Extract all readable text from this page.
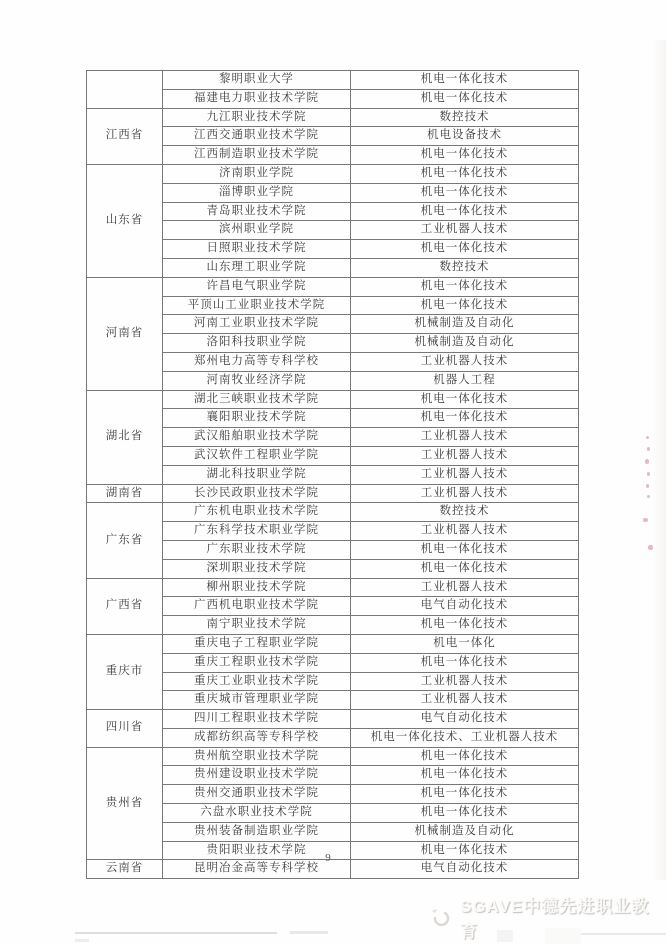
	黎明职业大学	机电一体化技术
	福建电力职业技术学院	机电一体化技术
江西省	九江职业技术学院	数控技术
	江西交通职业技术学院	机电设备技术
	江西制造职业技术学院	机电一体化技术
山东省	济南职业学院	机电一体化技术
	淄博职业学院	机电一体化技术
	青岛职业技术学院	机电一体化技术
	滨州职业学院	工业机器人技术
	日照职业技术学院	机电一体化技术
	山东理工职业学院	数控技术
河南省	许昌电气职业学院	机电一体化技术
	平顶山工业职业技术学院	机电一体化技术
	河南工业职业技术学院	机械制造及自动化
	洛阳科技职业学院	机械制造及自动化
	郑州电力高等专科学校	工业机器人技术
	河南牧业经济学院	机器人工程
湖北省	湖北三峡职业技术学院	机电一体化技术
	襄阳职业技术学院	机电一体化技术
	武汉船舶职业技术学院	工业机器人技术
	武汉软件工程职业学院	工业机器人技术
	湖北科技职业学院	工业机器人技术
湖南省	长沙民政职业技术学院	工业机器人技术
广东省	广东机电职业技术学院	数控技术
	广东科学技术职业学院	工业机器人技术
	广东职业技术学院	机电一体化技术
	深圳职业技术学院	机电一体化技术
广西省	柳州职业技术学院	工业机器人技术
	广西机电职业技术学院	电气自动化技术
	南宁职业技术学院	机电一体化技术
重庆市	重庆电子工程职业学院	机电一体化
	重庆工程职业技术学院	机电一体化技术
	重庆工业职业技术学院	工业机器人技术
	重庆城市管理职业学院	工业机器人技术
四川省	四川工程职业技术学院	电气自动化技术
	成都纺织高等专科学校	机电一体化技术、工业机器人技术
贵州省	贵州航空职业技术学院	机电一体化技术
	贵州建设职业技术学院	机电一体化技术
	贵州交通职业技术学院	机电一体化技术
	六盘水职业技术学院	机电一体化技术
	贵州装备制造职业学院	机械制造及自动化
	贵阳职业技术学院	机电一体化技术
云南省	昆明冶金高等专科学校	电气自动化技术
9
SGAVE中德先进职业教育
